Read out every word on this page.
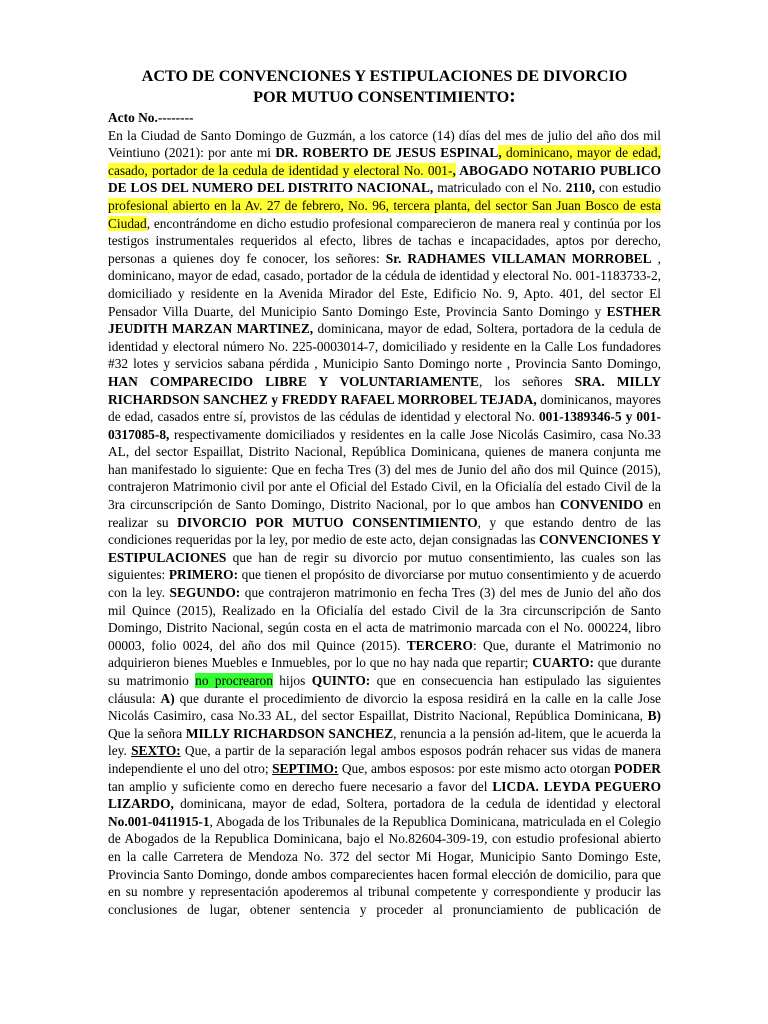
ACTO DE CONVENCIONES Y ESTIPULACIONES DE DIVORCIO
POR MUTUO CONSENTIMIENTO:

Acto No.--------

En la Ciudad de Santo Domingo de Guzmán, a los catorce (14) días del mes de julio del año dos mil Veintiuno (2021): por ante mi DR. ROBERTO DE JESUS ESPINAL, dominicano, mayor de edad, casado, portador de la cedula de identidad y electoral No. 001-, ABOGADO NOTARIO PUBLICO DE LOS DEL NUMERO DEL DISTRITO NACIONAL, matriculado con el No. 2110, con estudio profesional abierto en la Av. 27 de febrero, No. 96, tercera planta, del sector San Juan Bosco de esta Ciudad, encontrándome en dicho estudio profesional comparecieron de manera real y continúa por los testigos instrumentales requeridos al efecto, libres de tachas e incapacidades, aptos por derecho, personas a quienes doy fe conocer, los señores: Sr. RADHAMES VILLAMAN MORROBEL , dominicano, mayor de edad, casado, portador de la cédula de identidad y electoral No. 001-1183733-2, domiciliado y residente en la Avenida Mirador del Este, Edificio No. 9, Apto. 401, del sector El Pensador Villa Duarte, del Municipio Santo Domingo Este, Provincia Santo Domingo y ESTHER JEUDITH MARZAN MARTINEZ, dominicana, mayor de edad, Soltera, portadora de la cedula de identidad y electoral número No. 225-0003014-7, domiciliado y residente en la Calle Los fundadores #32 lotes y servicios sabana pérdida , Municipio Santo Domingo norte , Provincia Santo Domingo, HAN COMPARECIDO LIBRE Y VOLUNTARIAMENTE, los señores SRA. MILLY RICHARDSON SANCHEZ y FREDDY RAFAEL MORROBEL TEJADA, dominicanos, mayores de edad, casados entre sí, provistos de las cédulas de identidad y electoral No. 001-1389346-5 y 001-0317085-8, respectivamente domiciliados y residentes en la calle Jose Nicolás Casimiro, casa No.33 AL, del sector Espaillat, Distrito Nacional, República Dominicana, quienes de manera conjunta me han manifestado lo siguiente: Que en fecha Tres (3) del mes de Junio del año dos mil Quince (2015), contrajeron Matrimonio civil por ante el Oficial del Estado Civil, en la Oficialía del estado Civil de la 3ra circunscripción de Santo Domingo, Distrito Nacional, por lo que ambos han CONVENIDO en realizar su DIVORCIO POR MUTUO CONSENTIMIENTO, y que estando dentro de las condiciones requeridas por la ley, por medio de este acto, dejan consignadas las CONVENCIONES Y ESTIPULACIONES que han de regir su divorcio por mutuo consentimiento, las cuales son las siguientes: PRIMERO: que tienen el propósito de divorciarse por mutuo consentimiento y de acuerdo con la ley. SEGUNDO: que contrajeron matrimonio en fecha Tres (3) del mes de Junio del año dos mil Quince (2015), Realizado en la Oficialía del estado Civil de la 3ra circunscripción de Santo Domingo, Distrito Nacional, según costa en el acta de matrimonio marcada con el No. 000224, libro 00003, folio 0024, del año dos mil Quince (2015). TERCERO: Que, durante el Matrimonio no adquirieron bienes Muebles e Inmuebles, por lo que no hay nada que repartir; CUARTO: que durante su matrimonio no procrearon hijos QUINTO: que en consecuencia han estipulado las siguientes cláusula: A) que durante el procedimiento de divorcio la esposa residirá en la calle en la calle Jose Nicolás Casimiro, casa No.33 AL, del sector Espaillat, Distrito Nacional, República Dominicana, B) Que la señora MILLY RICHARDSON SANCHEZ, renuncia a la pensión ad-litem, que le acuerda la ley. SEXTO: Que, a partir de la separación legal ambos esposos podrán rehacer sus vidas de manera independiente el uno del otro; SEPTIMO: Que, ambos esposos: por este mismo acto otorgan PODER tan amplio y suficiente como en derecho fuere necesario a favor del LICDA. LEYDA PEGUERO LIZARDO, dominicana, mayor de edad, Soltera, portadora de la cedula de identidad y electoral No.001-0411915-1, Abogada de los Tribunales de la Republica Dominicana, matriculada en el Colegio de Abogados de la Republica Dominicana, bajo el No.82604-309-19, con estudio profesional abierto en la calle Carretera de Mendoza No. 372 del sector Mi Hogar, Municipio Santo Domingo Este, Provincia Santo Domingo, donde ambos comparecientes hacen formal elección de domicilio, para que en su nombre y representación apoderemos al tribunal competente y correspondiente y producir las conclusiones de lugar, obtener sentencia y proceder al pronunciamiento de publicación de
